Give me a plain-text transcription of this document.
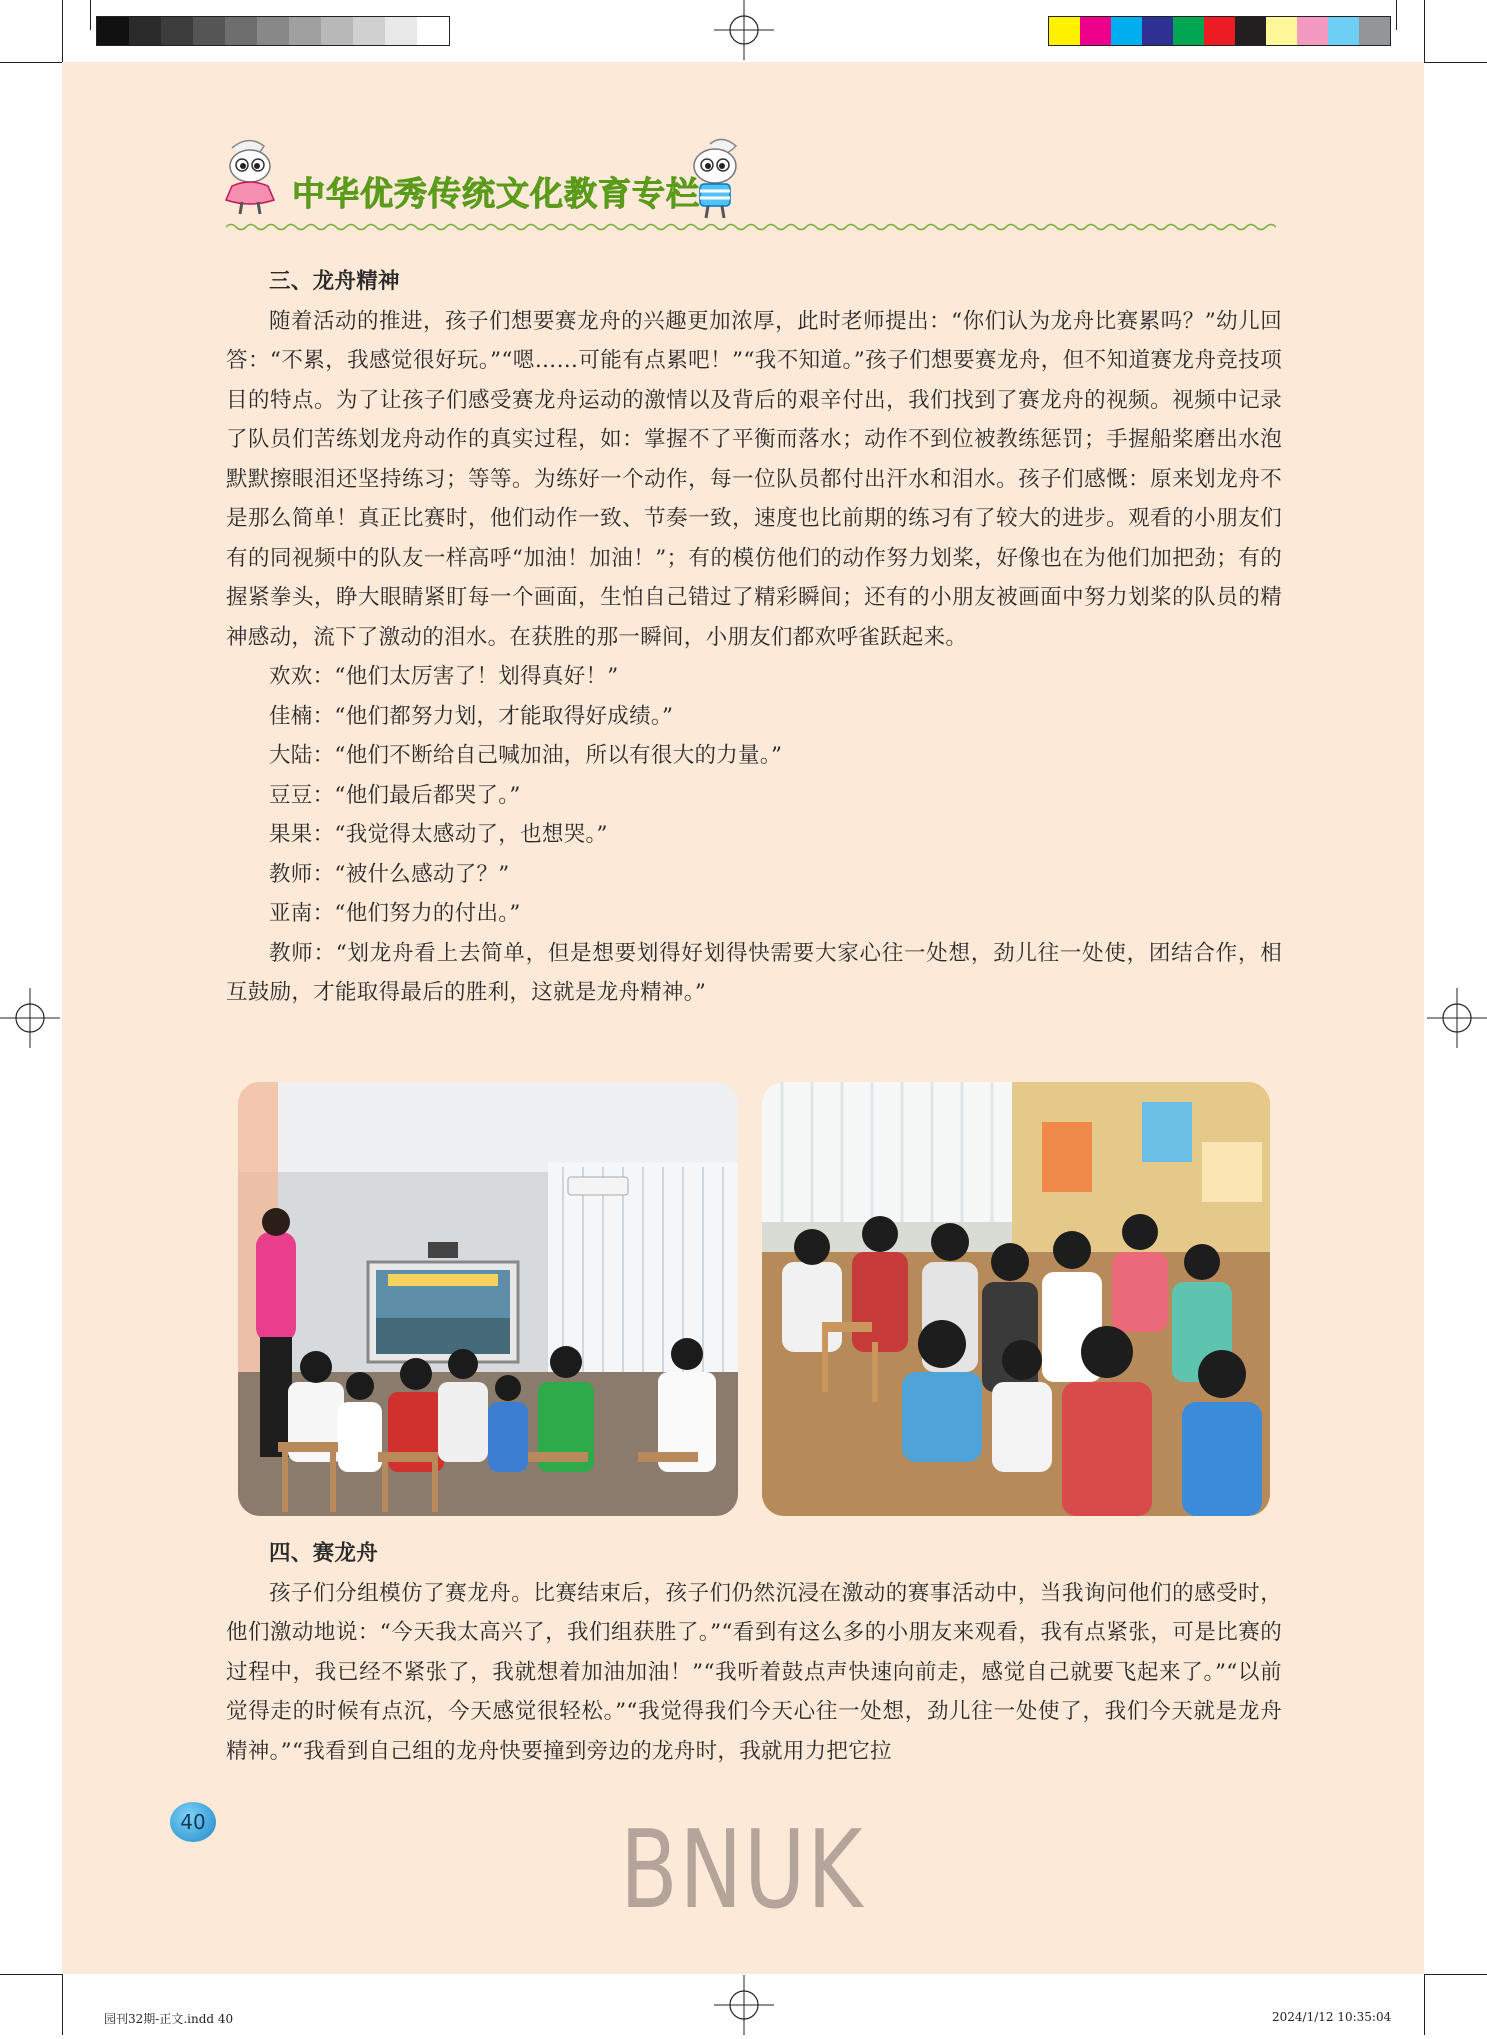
中华优秀传统文化教育专栏

三、龙舟精神

随着活动的推进，孩子们想要赛龙舟的兴趣更加浓厚，此时老师提出：“你们认为龙舟比赛累吗？”幼儿回答：“不累，我感觉很好玩。”“嗯……可能有点累吧！”“我不知道。”孩子们想要赛龙舟，但不知道赛龙舟竞技项目的特点。为了让孩子们感受赛龙舟运动的激情以及背后的艰辛付出，我们找到了赛龙舟的视频。视频中记录了队员们苦练划龙舟动作的真实过程，如：掌握不了平衡而落水；动作不到位被教练惩罚；手握船桨磨出水泡默默擦眼泪还坚持练习；等等。为练好一个动作，每一位队员都付出汗水和泪水。孩子们感慨：原来划龙舟不是那么简单！真正比赛时，他们动作一致、节奏一致，速度也比前期的练习有了较大的进步。观看的小朋友们有的同视频中的队友一样高呼“加油！加油！”；有的模仿他们的动作努力划桨，好像也在为他们加把劲；有的握紧拳头，睁大眼睛紧盯每一个画面，生怕自己错过了精彩瞬间；还有的小朋友被画面中努力划桨的队员的精神感动，流下了激动的泪水。在获胜的那一瞬间，小朋友们都欢呼雀跃起来。

欢欢：“他们太厉害了！划得真好！”

佳楠：“他们都努力划，才能取得好成绩。”

大陆：“他们不断给自己喊加油，所以有很大的力量。”

豆豆：“他们最后都哭了。”

果果：“我觉得太感动了，也想哭。”

教师：“被什么感动了？”

亚南：“他们努力的付出。”

教师：“划龙舟看上去简单，但是想要划得好划得快需要大家心往一处想，劲儿往一处使，团结合作，相互鼓励，才能取得最后的胜利，这就是龙舟精神。”

四、赛龙舟

孩子们分组模仿了赛龙舟。比赛结束后，孩子们仍然沉浸在激动的赛事活动中，当我询问他们的感受时，他们激动地说：“今天我太高兴了，我们组获胜了。”“看到有这么多的小朋友来观看，我有点紧张，可是比赛的过程中，我已经不紧张了，我就想着加油加油！”“我听着鼓点声快速向前走，感觉自己就要飞起来了。”“以前觉得走的时候有点沉，今天感觉很轻松。”“我觉得我们今天心往一处想，劲儿往一处使了，我们今天就是龙舟精神。”“我看到自己组的龙舟快要撞到旁边的龙舟时，我就用力把它拉

40	BNUK
园刊32期-正文.indd 40	2024/1/12 10:35:04
